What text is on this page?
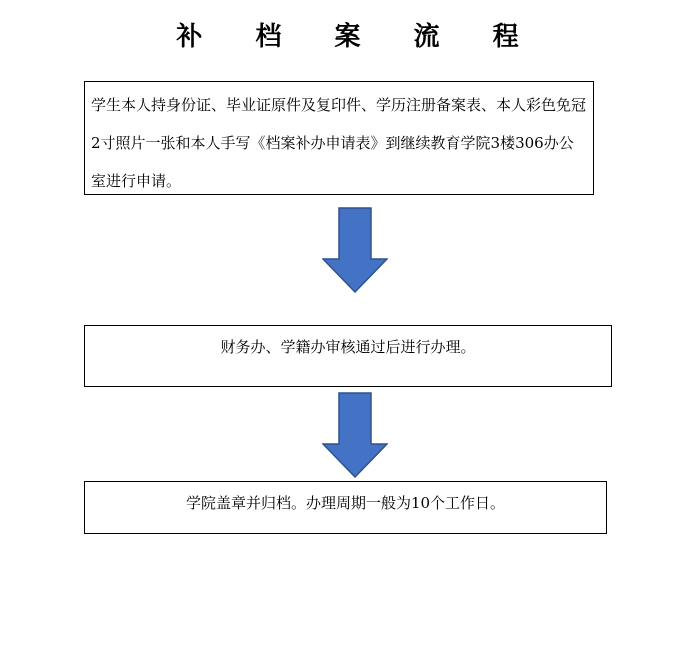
补 档 案 流 程
学生本人持身份证、毕业证原件及复印件、学历注册备案表、本人彩色免冠2寸照片一张和本人手写《档案补办申请表》到继续教育学院3楼306办公室进行申请。
财务办、学籍办审核通过后进行办理。
学院盖章并归档。办理周期一般为10个工作日。
